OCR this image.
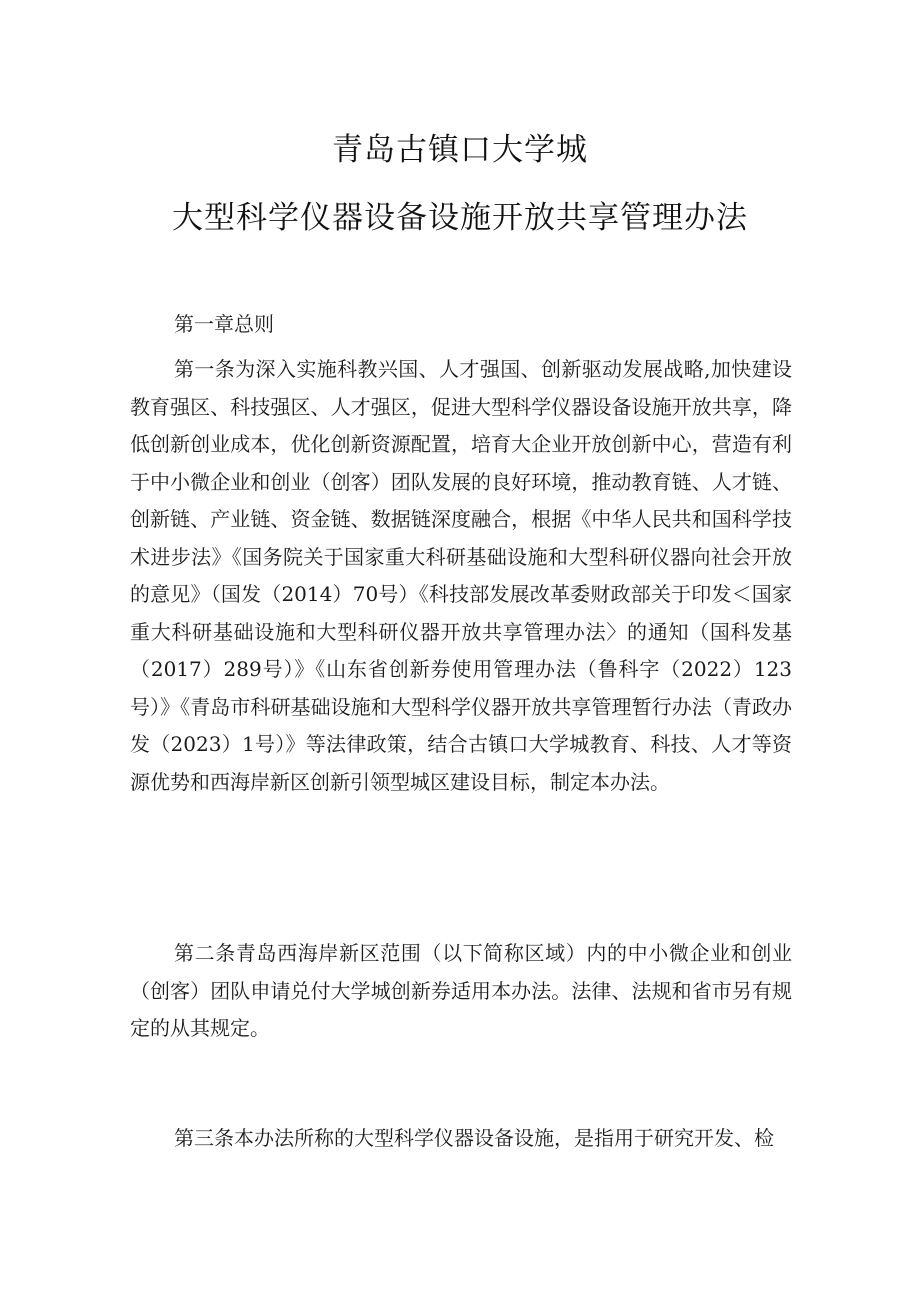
青岛古镇口大学城
大型科学仪器设备设施开放共享管理办法

第一章总则

第一条为深入实施科教兴国、人才强国、创新驱动发展战略,加快建设教育强区、科技强区、人才强区，促进大型科学仪器设备设施开放共享，降低创新创业成本，优化创新资源配置，培育大企业开放创新中心，营造有利于中小微企业和创业（创客）团队发展的良好环境，推动教育链、人才链、创新链、产业链、资金链、数据链深度融合，根据《中华人民共和国科学技术进步法》《国务院关于国家重大科研基础设施和大型科研仪器向社会开放的意见》（国发（2014）70号）《科技部发展改革委财政部关于印发＜国家重大科研基础设施和大型科研仪器开放共享管理办法〉的通知（国科发基（2017）289号）》《山东省创新券使用管理办法（鲁科字（2022）123号）》《青岛市科研基础设施和大型科学仪器开放共享管理暂行办法（青政办发（2023）1号）》等法律政策，结合古镇口大学城教育、科技、人才等资源优势和西海岸新区创新引领型城区建设目标，制定本办法。

第二条青岛西海岸新区范围（以下简称区域）内的中小微企业和创业（创客）团队申请兑付大学城创新券适用本办法。法律、法规和省市另有规定的从其规定。

第三条本办法所称的大型科学仪器设备设施，是指用于研究开发、检
